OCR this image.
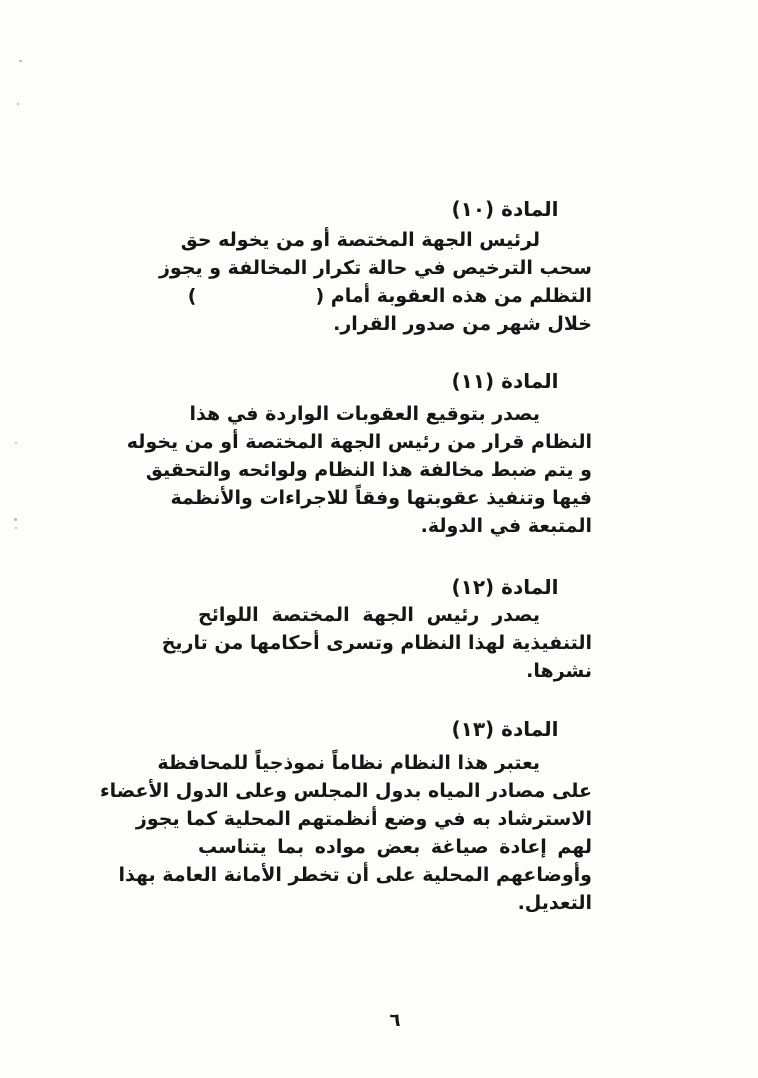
المادة (١٠)
لرئيس الجهة المختصة أو من يخوله حق
سحب الترخيص في حالة تكرار المخالفة و يجوز
التظلم من هذه العقوبة أمام (                  )
خلال شهر من صدور القرار.
المادة (١١)
يصدر بتوقيع العقوبات الواردة في هذا
النظام قرار من رئيس الجهة المختصة أو من يخوله
و يتم ضبط مخالفة هذا النظام ولوائحه والتحقيق
فيها وتنفيذ عقوبتها وفقاً للاجراءات والأنظمة
المتبعة في الدولة.
المادة (١٢)
يصدر رئيس الجهة المختصة اللوائح
التنفيذية لهذا النظام وتسرى أحكامها من تاريخ
نشرها.
المادة (١٣)
يعتبر هذا النظام نظاماً نموذجياً للمحافظة
على مصادر المياه بدول المجلس وعلى الدول الأعضاء
الاسترشاد به في وضع أنظمتهم المحلية كما يجوز
لهم إعادة صياغة بعض مواده بما يتناسب
وأوضاعهم المحلية على أن تخطر الأمانة العامة بهذا
التعديل.
٦
